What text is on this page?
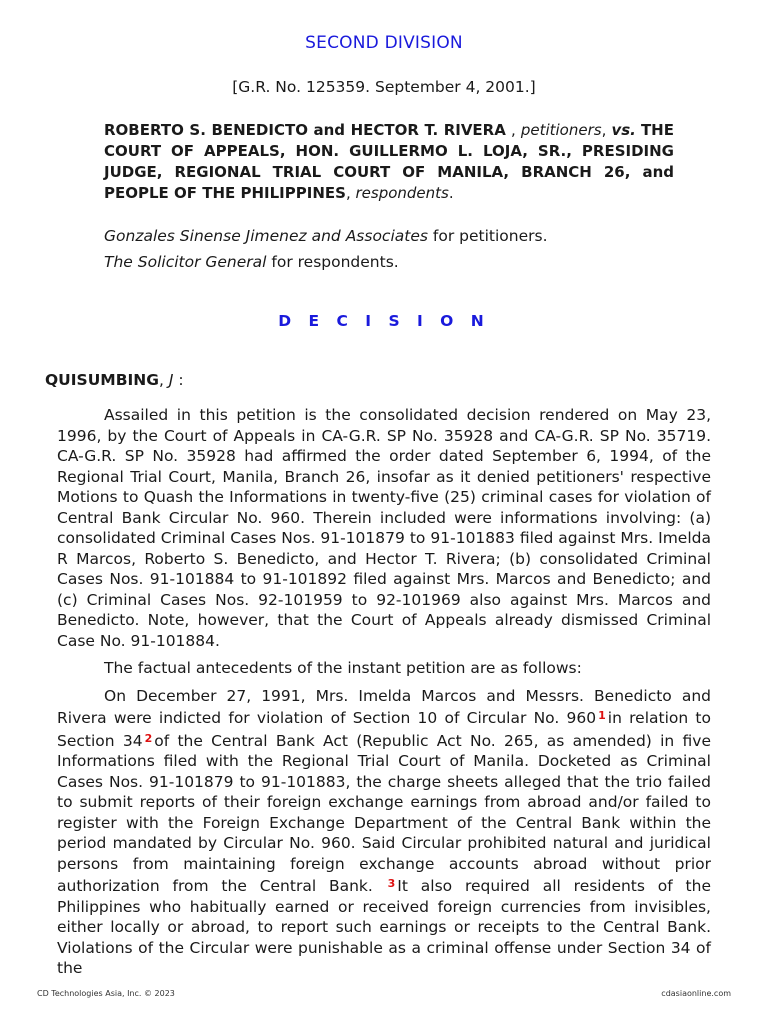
SECOND DIVISION
[G.R. No. 125359. September 4, 2001.]
ROBERTO S. BENEDICTO and HECTOR T. RIVERA , petitioners, vs. THE COURT OF APPEALS, HON. GUILLERMO L. LOJA, SR., PRESIDING JUDGE, REGIONAL TRIAL COURT OF MANILA, BRANCH 26, and PEOPLE OF THE PHILIPPINES, respondents.
Gonzales Sinense Jimenez and Associates for petitioners.
The Solicitor General for respondents.
D E C I S I O N
QUISUMBING, J :

Assailed in this petition is the consolidated decision rendered on May 23, 1996, by the Court of Appeals in CA-G.R. SP No. 35928 and CA-G.R. SP No. 35719. CA-G.R. SP No. 35928 had affirmed the order dated September 6, 1994, of the Regional Trial Court, Manila, Branch 26, insofar as it denied petitioners' respective Motions to Quash the Informations in twenty-five (25) criminal cases for violation of Central Bank Circular No. 960. Therein included were informations involving: (a) consolidated Criminal Cases Nos. 91-101879 to 91-101883 filed against Mrs. Imelda R Marcos, Roberto S. Benedicto, and Hector T. Rivera; (b) consolidated Criminal Cases Nos. 91-101884 to 91-101892 filed against Mrs. Marcos and Benedicto; and (c) Criminal Cases Nos. 92-101959 to 92-101969 also against Mrs. Marcos and Benedicto. Note, however, that the Court of Appeals already dismissed Criminal Case No. 91-101884.

The factual antecedents of the instant petition are as follows:

On December 27, 1991, Mrs. Imelda Marcos and Messrs. Benedicto and Rivera were indicted for violation of Section 10 of Circular No. 960 $^1$ in relation to Section 34 $^2$ of the Central Bank Act (Republic Act No. 265, as amended) in five Informations filed with the Regional Trial Court of Manila. Docketed as Criminal Cases Nos. 91-101879 to 91-101883, the charge sheets alleged that the trio failed to submit reports of their foreign exchange earnings from abroad and/or failed to register with the Foreign Exchange Department of the Central Bank within the period mandated by Circular No. 960. Said Circular prohibited natural and juridical persons from maintaining foreign exchange accounts abroad without prior authorization from the Central Bank. $^3$ It also required all residents of the Philippines who habitually earned or received foreign currencies from invisibles, either locally or abroad, to report such earnings or receipts to the Central Bank. Violations of the Circular were punishable as a criminal offense under Section 34 of the

CD Technologies Asia, Inc. © 2023	cdasiaonline.com
